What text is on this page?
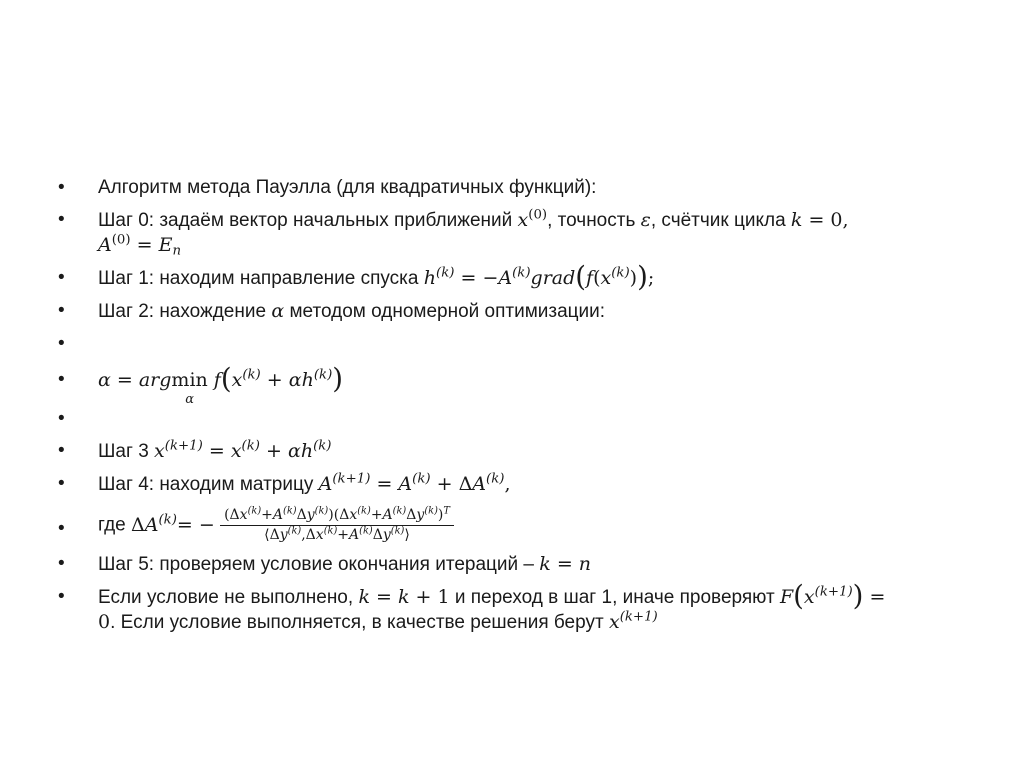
• Алгоритм метода Пауэлла (для квадратичных функций):
• Шаг 0: задаём вектор начальных приближений $x^{(0)}$, точность ε, счётчик цикла k = 0,
$A^{(0)} = E_n$
• Шаг 1: находим направление спуска $h^{(k)}$ = $-A^{(k)}grad(f(x^{(k)}))$;
• Шаг 2: нахождение α методом одномерной оптимизации:
•

• α = argmin
α
$f(x^{(k)} + \alpha h^{(k)})$
•

• Шаг 3 $x^{(k+1)} = x^{(k)} + \alpha h^{(k)}$
• Шаг 4: находим матрицу $A^{(k+1)} = A^{(k)} + \Delta A^{(k)}$,
• где $\Delta A^{(k)}= - \frac{(\Delta x^{(k)}+A^{(k)}\Delta y^{(k)})(\Delta x^{(k)}+A^{(k)}\Delta y^{(k)})^T}{⟨\Delta y^{(k)},\Delta x^{(k)}+A^{(k)}\Delta y^{(k)}⟩}$
• Шаг 5: проверяем условие окончания итераций – k = n
• Если условие не выполнено, k = k + 1 и переход в шаг 1, иначе проверяют $F(x^{(k+1)})$ =
0. Если условие выполняется, в качестве решения берут $x^{(k+1)}$
